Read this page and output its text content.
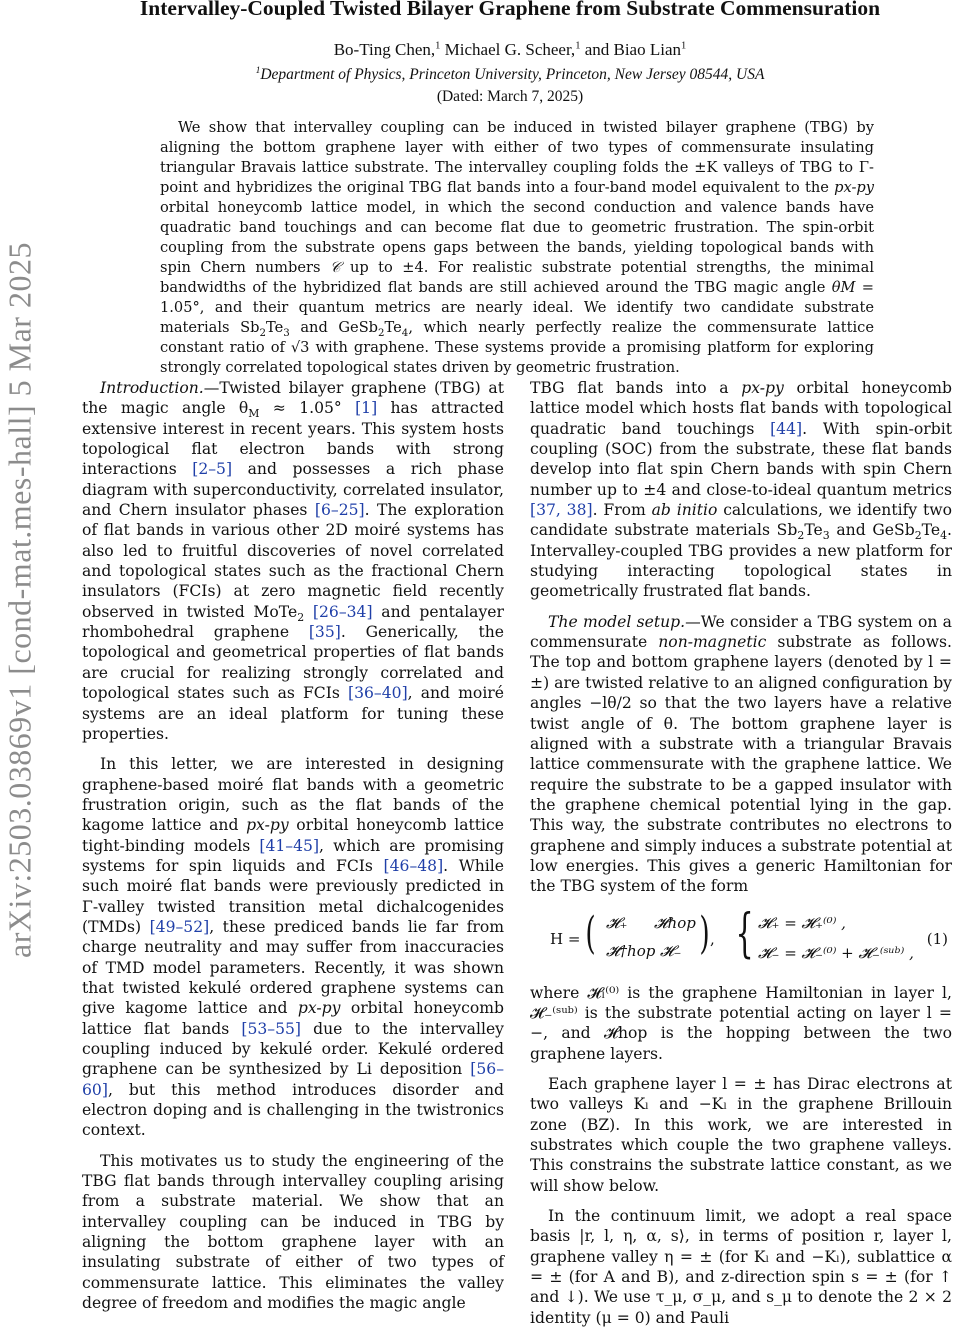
arXiv:2503.03869v1 [cond-mat.mes-hall] 5 Mar 2025
Intervalley-Coupled Twisted Bilayer Graphene from Substrate Commensuration
Bo-Ting Chen,$^1$ Michael G. Scheer,$^1$ and Biao Lian$^1$
$^1$Department of Physics, Princeton University, Princeton, New Jersey 08544, USA
(Dated: March 7, 2025)

We show that intervalley coupling can be induced in twisted bilayer graphene (TBG) by aligning the bottom graphene layer with either of two types of commensurate insulating triangular Bravais lattice substrate. The intervalley coupling folds the ±K valleys of TBG to Γ-point and hybridizes the original TBG flat bands into a four-band model equivalent to the px-py orbital honeycomb lattice model, in which the second conduction and valence bands have quadratic band touchings and can become flat due to geometric frustration. The spin-orbit coupling from the substrate opens gaps between the bands, yielding topological bands with spin Chern numbers 𝒞 up to ±4. For realistic substrate potential strengths, the minimal bandwidths of the hybridized flat bands are still achieved around the TBG magic angle θM = 1.05°, and their quantum metrics are nearly ideal. We identify two candidate substrate materials $Sb_2Te_3$ and $GeSb_2Te_4$, which nearly perfectly realize the commensurate lattice constant ratio of √3 with graphene. These systems provide a promising platform for exploring strongly correlated topological states driven by geometric frustration.

Introduction.—Twisted bilayer graphene (TBG) at the magic angle $\theta_M \approx 1.05^\circ$ [1] has attracted extensive interest in recent years. This system hosts topological flat electron bands with strong interactions [2–5] and possesses a rich phase diagram with superconductivity, correlated insulator, and Chern insulator phases [6–25]. The exploration of flat bands in various other 2D moiré systems has also led to fruitful discoveries of novel correlated and topological states such as the fractional Chern insulators (FCIs) at zero magnetic field recently observed in twisted MoTe$_2$ [26–34] and pentalayer rhombohedral graphene [35]. Generically, the topological and geometrical properties of flat bands are crucial for realizing strongly correlated and topological states such as FCIs [36–40], and moiré systems are an ideal platform for tuning these properties.

In this letter, we are interested in designing graphene-based moiré flat bands with a geometric frustration origin, such as the flat bands of the kagome lattice and px-py orbital honeycomb lattice tight-binding models [41–45], which are promising systems for spin liquids and FCIs [46–48]. While such moiré flat bands were previously predicted in Γ-valley twisted transition metal dichalcogenides (TMDs) [49–52], these prediced bands lie far from charge neutrality and may suffer from inaccuracies of TMD model parameters. Recently, it was shown that twisted kekulé ordered graphene systems can give kagome lattice and px-py orbital honeycomb lattice flat bands [53–55] due to the intervalley coupling induced by kekulé order. Kekulé ordered graphene can be synthesized by Li deposition [56–60], but this method introduces disorder and electron doping and is challenging in the twistronics context.

This motivates us to study the engineering of the TBG flat bands through intervalley coupling arising from a substrate material. We show that an intervalley coupling can be induced in TBG by aligning the bottom graphene layer with an insulating substrate of either of two types of commensurate lattice. This eliminates the valley degree of freedom and modifies the magic angle

TBG flat bands into a px-py orbital honeycomb lattice model which hosts flat bands with topological quadratic band touchings [44]. With spin-orbit coupling (SOC) from the substrate, these flat bands develop into flat spin Chern bands with spin Chern number up to ±4 and close-to-ideal quantum metrics [37, 38]. From ab initio calculations, we identify two candidate substrate materials $Sb_2Te_3$ and $GeSb_2Te_4$. Intervalley-coupled TBG provides a new platform for studying interacting topological states in geometrically frustrated flat bands.

The model setup.—We consider a TBG system on a commensurate non-magnetic substrate as follows. The top and bottom graphene layers (denoted by l = ±) are twisted relative to an aligned configuration by angles −lθ/2 so that the two layers have a relative twist angle of θ. The bottom graphene layer is aligned with a substrate with a triangular Bravais lattice commensurate with the graphene lattice. We require the substrate to be a gapped insulator with the graphene chemical potential lying in the gap. This way, the substrate contributes no electrons to graphene and simply induces a substrate potential at low energies. This gives a generic Hamiltonian for the TBG system of the form

H = ( 𝓗₊ 𝓗hop
𝓗†hop 𝓗₋ ) , { 𝓗₊ = 𝓗₊⁽⁰⁾ ,
𝓗₋ = 𝓗₋⁽⁰⁾ + 𝓗₋⁽ˢᵘᵇ⁾ ,
(1)

where 𝓗ₗ⁽⁰⁾ is the graphene Hamiltonian in layer l, 𝓗₋⁽ˢᵘᵇ⁾ is the substrate potential acting on layer l = −, and 𝓗hop is the hopping between the two graphene layers.

Each graphene layer l = ± has Dirac electrons at two valleys Kₗ and −Kₗ in the graphene Brillouin zone (BZ). In this work, we are interested in substrates which couple the two graphene valleys. This constrains the substrate lattice constant, as we will show below.

In the continuum limit, we adopt a real space basis |r, l, η, α, s⟩, in terms of position r, layer l, graphene valley η = ± (for Kₗ and −Kₗ), sublattice α = ± (for A and B), and z-direction spin s = ± (for ↑ and ↓). We use τ_μ, σ_μ, and s_μ to denote the 2 × 2 identity (μ = 0) and Pauli
